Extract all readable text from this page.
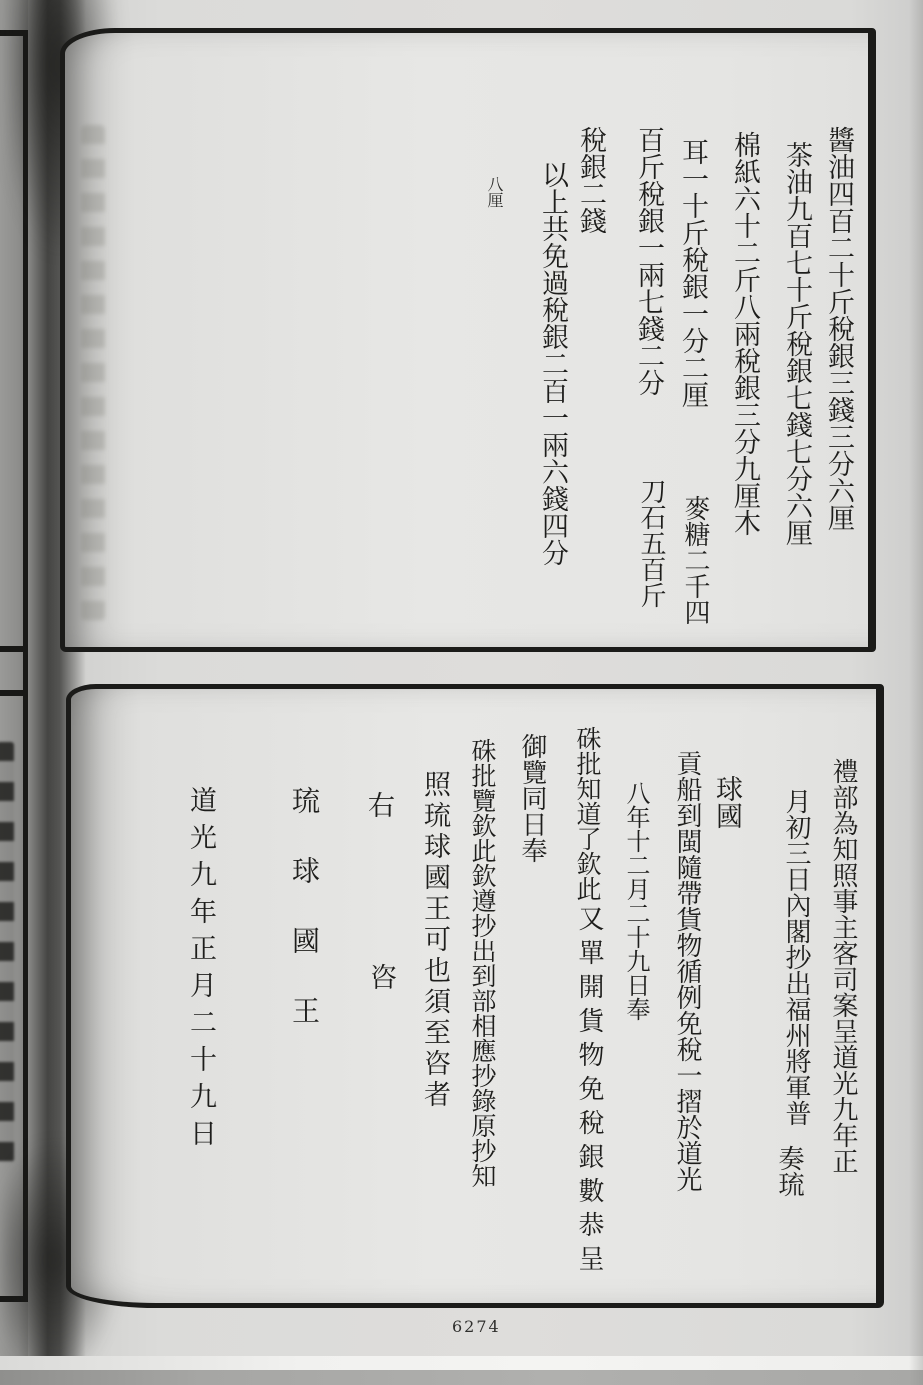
醬油四百二十斤稅銀三錢三分六厘
茶油九百七十斤稅銀七錢七分六厘
棉紙六十二斤八兩稅銀三分九厘木
耳一十斤稅銀一分二厘
麥糖二千四
百斤稅銀一兩七錢二分
刀石五百斤
稅銀二錢
以上共免過稅銀二百一兩六錢四分
八厘
禮部為知照事主客司案呈道光九年正
月初三日內閣抄出福州將軍普
奏琉
球國
貢船到閩隨帶貨物循例免稅一摺於道光
八年十二月二十九日奉
硃批知道了欽此
又單開貨物免稅銀數恭呈
御覽同日奉
硃批覽欽此欽遵抄出到部相應抄錄原抄知
照琉球國王可也須至咨者
右
咨
琉球國王
道光九年正月二十九日
6274
